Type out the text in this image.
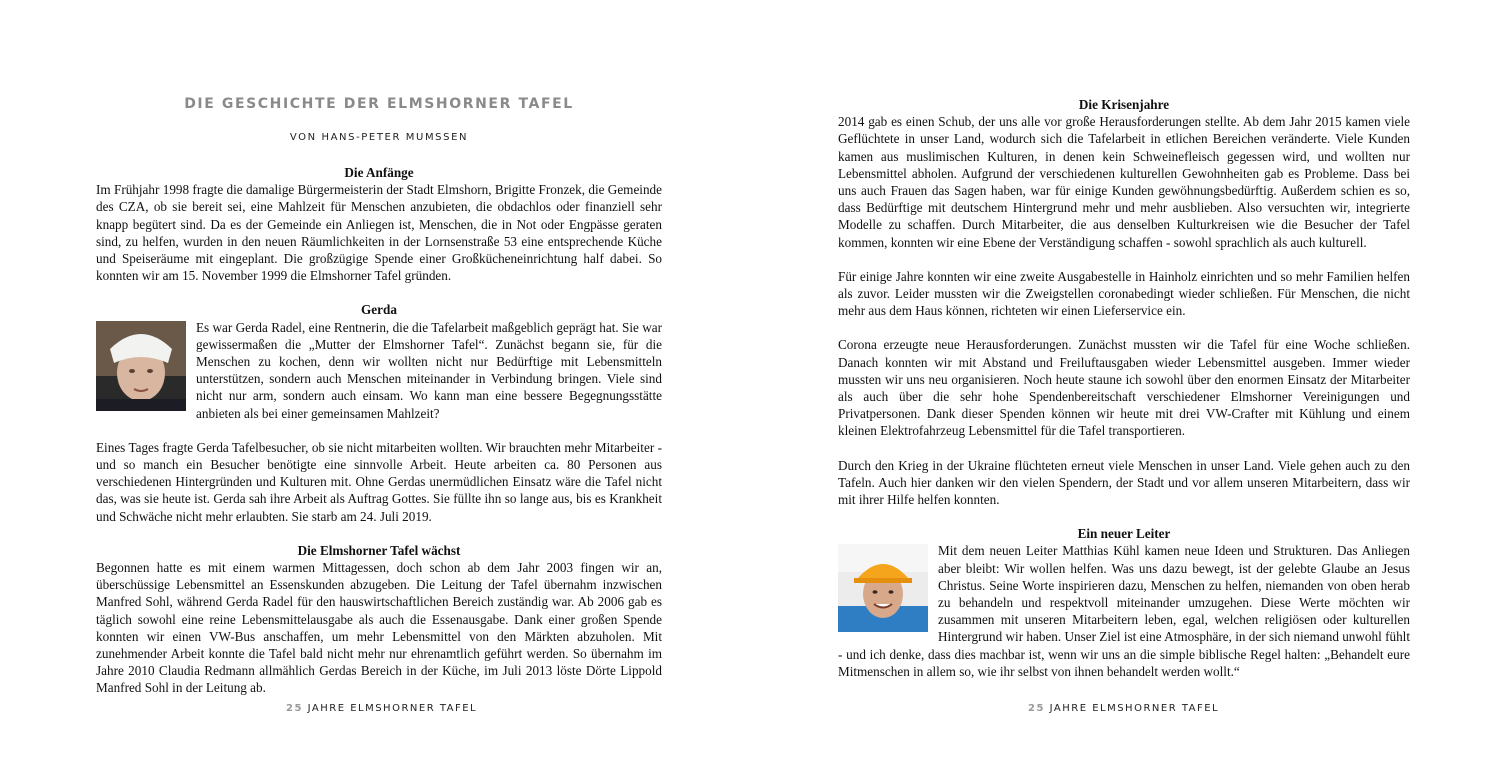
DIE GESCHICHTE DER ELMSHORNER TAFEL
VON HANS-PETER MUMSSEN
Die Anfänge

Im Frühjahr 1998 fragte die damalige Bürgermeisterin der Stadt Elmshorn, Brigitte Fronzek, die Gemeinde des CZA, ob sie bereit sei, eine Mahlzeit für Menschen anzubieten, die obdachlos oder finanziell sehr knapp begütert sind. Da es der Gemeinde ein Anliegen ist, Menschen, die in Not oder Engpässe geraten sind, zu helfen, wurden in den neuen Räumlichkeiten in der Lornsenstraße 53 eine entsprechende Küche und Speiseräume mit eingeplant. Die großzügige Spende einer Großkücheneinrichtung half dabei. So konnten wir am 15. November 1999 die Elmshorner Tafel gründen.

Gerda

Es war Gerda Radel, eine Rentnerin, die die Tafelarbeit maßgeblich geprägt hat. Sie war gewissermaßen die „Mutter der Elmshorner Tafel“. Zunächst begann sie, für die Menschen zu kochen, denn wir wollten nicht nur Bedürftige mit Lebensmitteln unterstützen, sondern auch Menschen miteinander in Verbindung bringen. Viele sind nicht nur arm, sondern auch einsam. Wo kann man eine bessere Begegnungsstätte anbieten als bei einer gemeinsamen Mahlzeit?

Eines Tages fragte Gerda Tafelbesucher, ob sie nicht mitarbeiten wollten. Wir brauchten mehr Mitarbeiter - und so manch ein Besucher benötigte eine sinnvolle Arbeit. Heute arbeiten ca. 80 Personen aus verschiedenen Hintergründen und Kulturen mit. Ohne Gerdas unermüdlichen Einsatz wäre die Tafel nicht das, was sie heute ist. Gerda sah ihre Arbeit als Auftrag Gottes. Sie füllte ihn so lange aus, bis es Krankheit und Schwäche nicht mehr erlaubten. Sie starb am 24. Juli 2019.

Die Elmshorner Tafel wächst

Begonnen hatte es mit einem warmen Mittagessen, doch schon ab dem Jahr 2003 fingen wir an, überschüssige Lebensmittel an Essenskunden abzugeben. Die Leitung der Tafel übernahm inzwischen Manfred Sohl, während Gerda Radel für den hauswirtschaftlichen Bereich zuständig war. Ab 2006 gab es täglich sowohl eine reine Lebensmittelausgabe als auch die Essenausgabe. Dank einer großen Spende konnten wir einen VW-Bus anschaffen, um mehr Lebensmittel von den Märkten abzuholen. Mit zunehmender Arbeit konnte die Tafel bald nicht mehr nur ehrenamtlich geführt werden. So übernahm im Jahre 2010 Claudia Redmann allmählich Gerdas Bereich in der Küche, im Juli 2013 löste Dörte Lippold Manfred Sohl in der Leitung ab.

25 JAHRE ELMSHORNER TAFEL
Die Krisenjahre

2014 gab es einen Schub, der uns alle vor große Herausforderungen stellte. Ab dem Jahr 2015 kamen viele Geflüchtete in unser Land, wodurch sich die Tafelarbeit in etlichen Bereichen veränderte. Viele Kunden kamen aus muslimischen Kulturen, in denen kein Schweinefleisch gegessen wird, und wollten nur Lebensmittel abholen. Aufgrund der verschiedenen kulturellen Gewohnheiten gab es Probleme. Dass bei uns auch Frauen das Sagen haben, war für einige Kunden gewöhnungsbedürftig. Außerdem schien es so, dass Bedürftige mit deutschem Hintergrund mehr und mehr ausblieben. Also versuchten wir, integrierte Modelle zu schaffen. Durch Mitarbeiter, die aus denselben Kulturkreisen wie die Besucher der Tafel kommen, konnten wir eine Ebene der Verständigung schaffen - sowohl sprachlich als auch kulturell.

Für einige Jahre konnten wir eine zweite Ausgabestelle in Hainholz einrichten und so mehr Familien helfen als zuvor. Leider mussten wir die Zweigstellen coronabedingt wieder schließen. Für Menschen, die nicht mehr aus dem Haus können, richteten wir einen Lieferservice ein.

Corona erzeugte neue Herausforderungen. Zunächst mussten wir die Tafel für eine Woche schließen. Danach konnten wir mit Abstand und Freiluftausgaben wieder Lebensmittel ausgeben. Immer wieder mussten wir uns neu organisieren. Noch heute staune ich sowohl über den enormen Einsatz der Mitarbeiter als auch über die sehr hohe Spendenbereitschaft verschiedener Elmshorner Vereinigungen und Privatpersonen. Dank dieser Spenden können wir heute mit drei VW-Crafter mit Kühlung und einem kleinen Elektrofahrzeug Lebensmittel für die Tafel transportieren.

Durch den Krieg in der Ukraine flüchteten erneut viele Menschen in unser Land. Viele gehen auch zu den Tafeln. Auch hier danken wir den vielen Spendern, der Stadt und vor allem unseren Mitarbeitern, dass wir mit ihrer Hilfe helfen konnten.

Ein neuer Leiter

Mit dem neuen Leiter Matthias Kühl kamen neue Ideen und Strukturen. Das Anliegen aber bleibt: Wir wollen helfen. Was uns dazu bewegt, ist der gelebte Glaube an Jesus Christus. Seine Worte inspirieren dazu, Menschen zu helfen, niemanden von oben herab zu behandeln und respektvoll miteinander umzugehen. Diese Werte möchten wir zusammen mit unseren Mitarbeitern leben, egal, welchen religiösen oder kulturellen Hintergrund wir haben. Unser Ziel ist eine Atmosphäre, in der sich niemand unwohl fühlt - und ich denke, dass dies machbar ist, wenn wir uns an die simple biblische Regel halten: „Behandelt eure Mitmenschen in allem so, wie ihr selbst von ihnen behandelt werden wollt.“

25 JAHRE ELMSHORNER TAFEL
